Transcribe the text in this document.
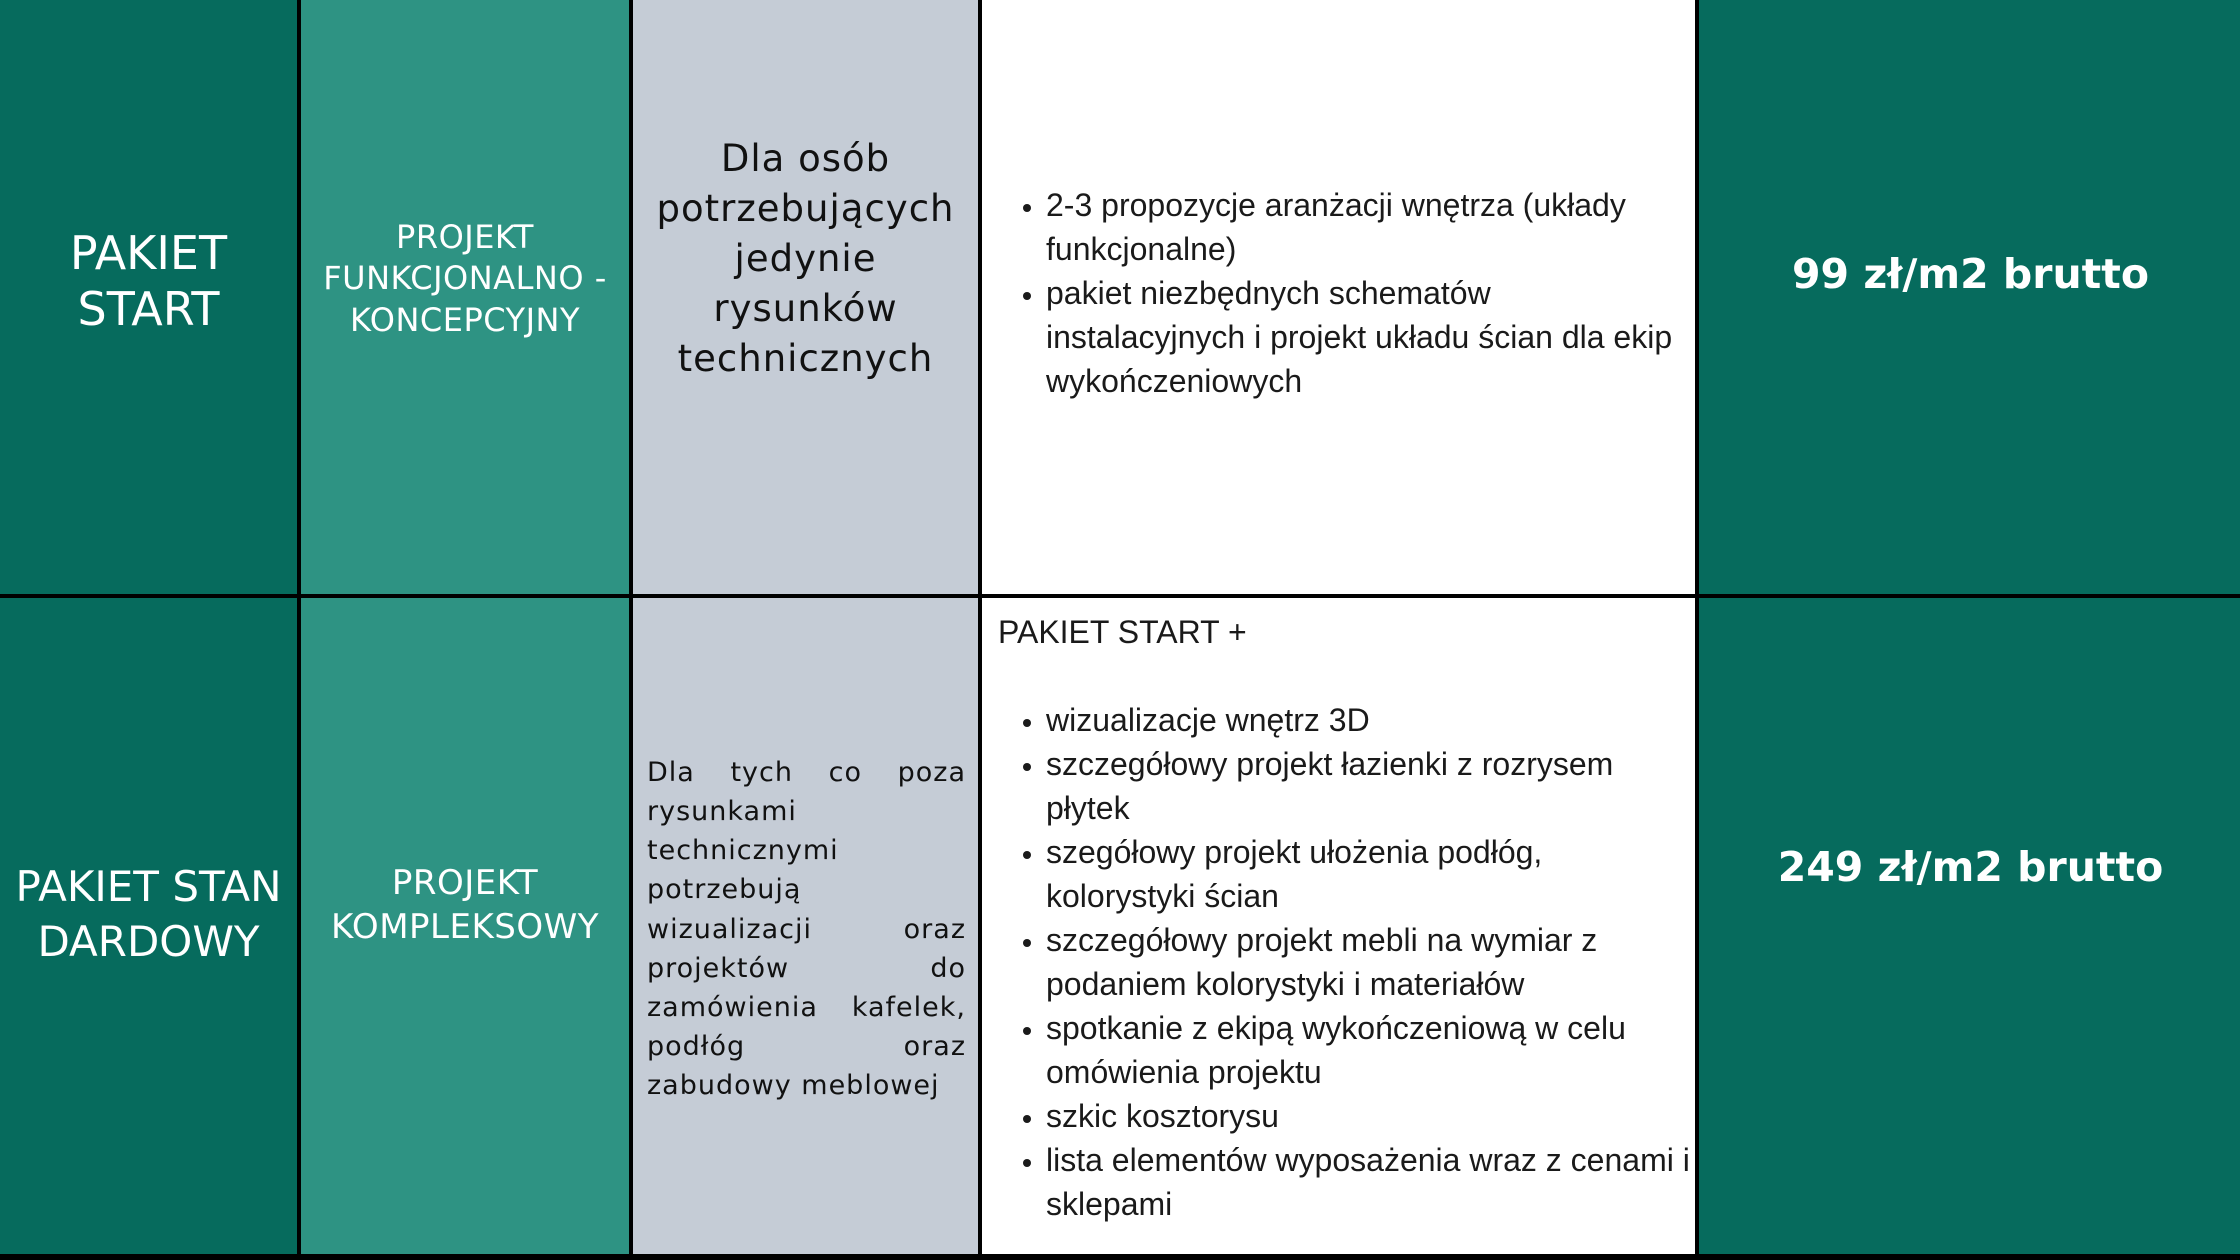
PAKIET START
PROJEKT FUNKCJONALNO - KONCEPCYJNY
Dla osób potrzebujących jedynie rysunków technicznych
• 2-3 propozycje aranżacji wnętrza (układy funkcjonalne)
• pakiet niezbędnych schematów instalacyjnych i projekt układu ścian dla ekip wykończeniowych
99 zł/m2 brutto
PAKIET STANDARDOWY
PROJEKT KOMPLEKSOWY
Dla tych co poza rysunkami technicznymi potrzebują wizualizacji oraz projektów do zamówienia kafelek, podłóg oraz zabudowy meblowej

PAKIET START +

• wizualizacje wnętrz 3D
• szczegółowy projekt łazienki z rozrysem płytek
• szegółowy projekt ułożenia podłóg, kolorystyki ścian
• szczegółowy projekt mebli na wymiar z podaniem kolorystyki i materiałów
• spotkanie z ekipą wykończeniową w celu omówienia projektu
• szkic kosztorysu
• lista elementów wyposażenia wraz z cenami i sklepami
249 zł/m2 brutto
